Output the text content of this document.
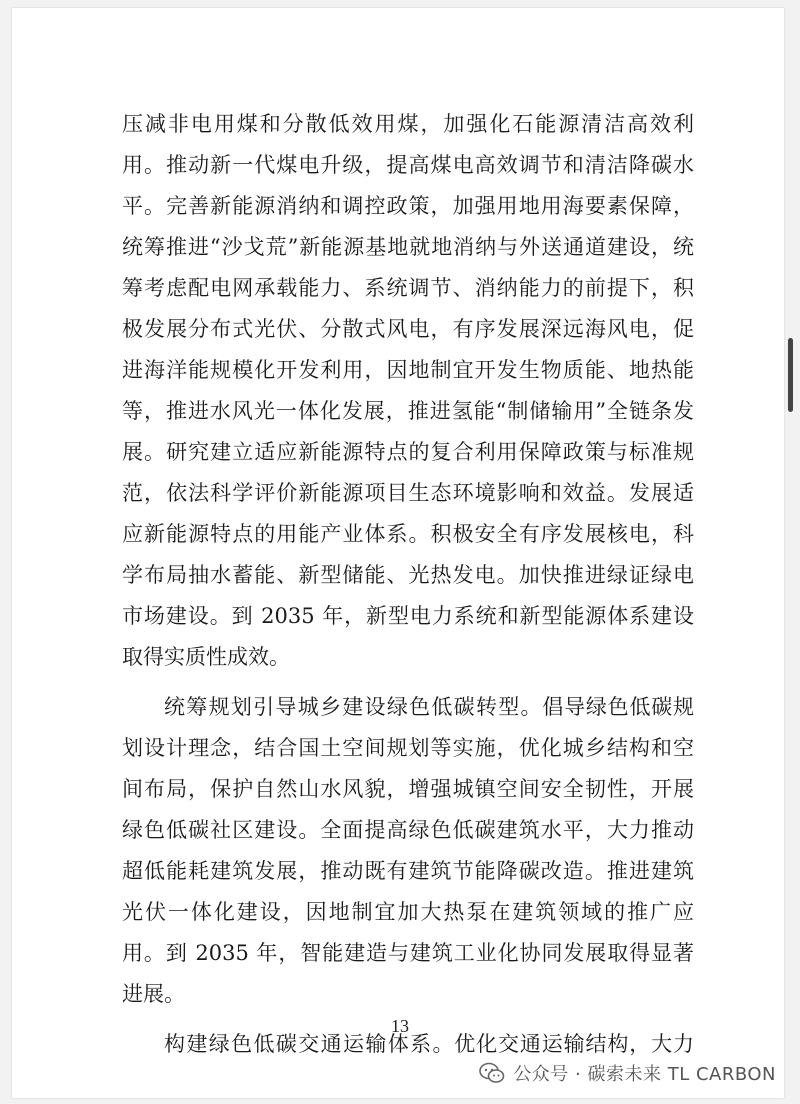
压减非电用煤和分散低效用煤，加强化石能源清洁高效利
用。推动新一代煤电升级，提高煤电高效调节和清洁降碳水
平。完善新能源消纳和调控政策，加强用地用海要素保障，
统筹推进“沙戈荒”新能源基地就地消纳与外送通道建设，统
筹考虑配电网承载能力、系统调节、消纳能力的前提下，积
极发展分布式光伏、分散式风电，有序发展深远海风电，促
进海洋能规模化开发利用，因地制宜开发生物质能、地热能
等，推进水风光一体化发展，推进氢能“制储输用”全链条发
展。研究建立适应新能源特点的复合利用保障政策与标准规
范，依法科学评价新能源项目生态环境影响和效益。发展适
应新能源特点的用能产业体系。积极安全有序发展核电，科
学布局抽水蓄能、新型储能、光热发电。加快推进绿证绿电
市场建设。到 2035 年，新型电力系统和新型能源体系建设
取得实质性成效。
统筹规划引导城乡建设绿色低碳转型。倡导绿色低碳规
划设计理念，结合国土空间规划等实施，优化城乡结构和空
间布局，保护自然山水风貌，增强城镇空间安全韧性，开展
绿色低碳社区建设。全面提高绿色低碳建筑水平，大力推动
超低能耗建筑发展，推动既有建筑节能降碳改造。推进建筑
光伏一体化建设，因地制宜加大热泵在建筑领域的推广应
用。到 2035 年，智能建造与建筑工业化协同发展取得显著
进展。
构建绿色低碳交通运输体系。优化交通运输结构，大力
13
公众号 · 碳索未来 TL CARBON
